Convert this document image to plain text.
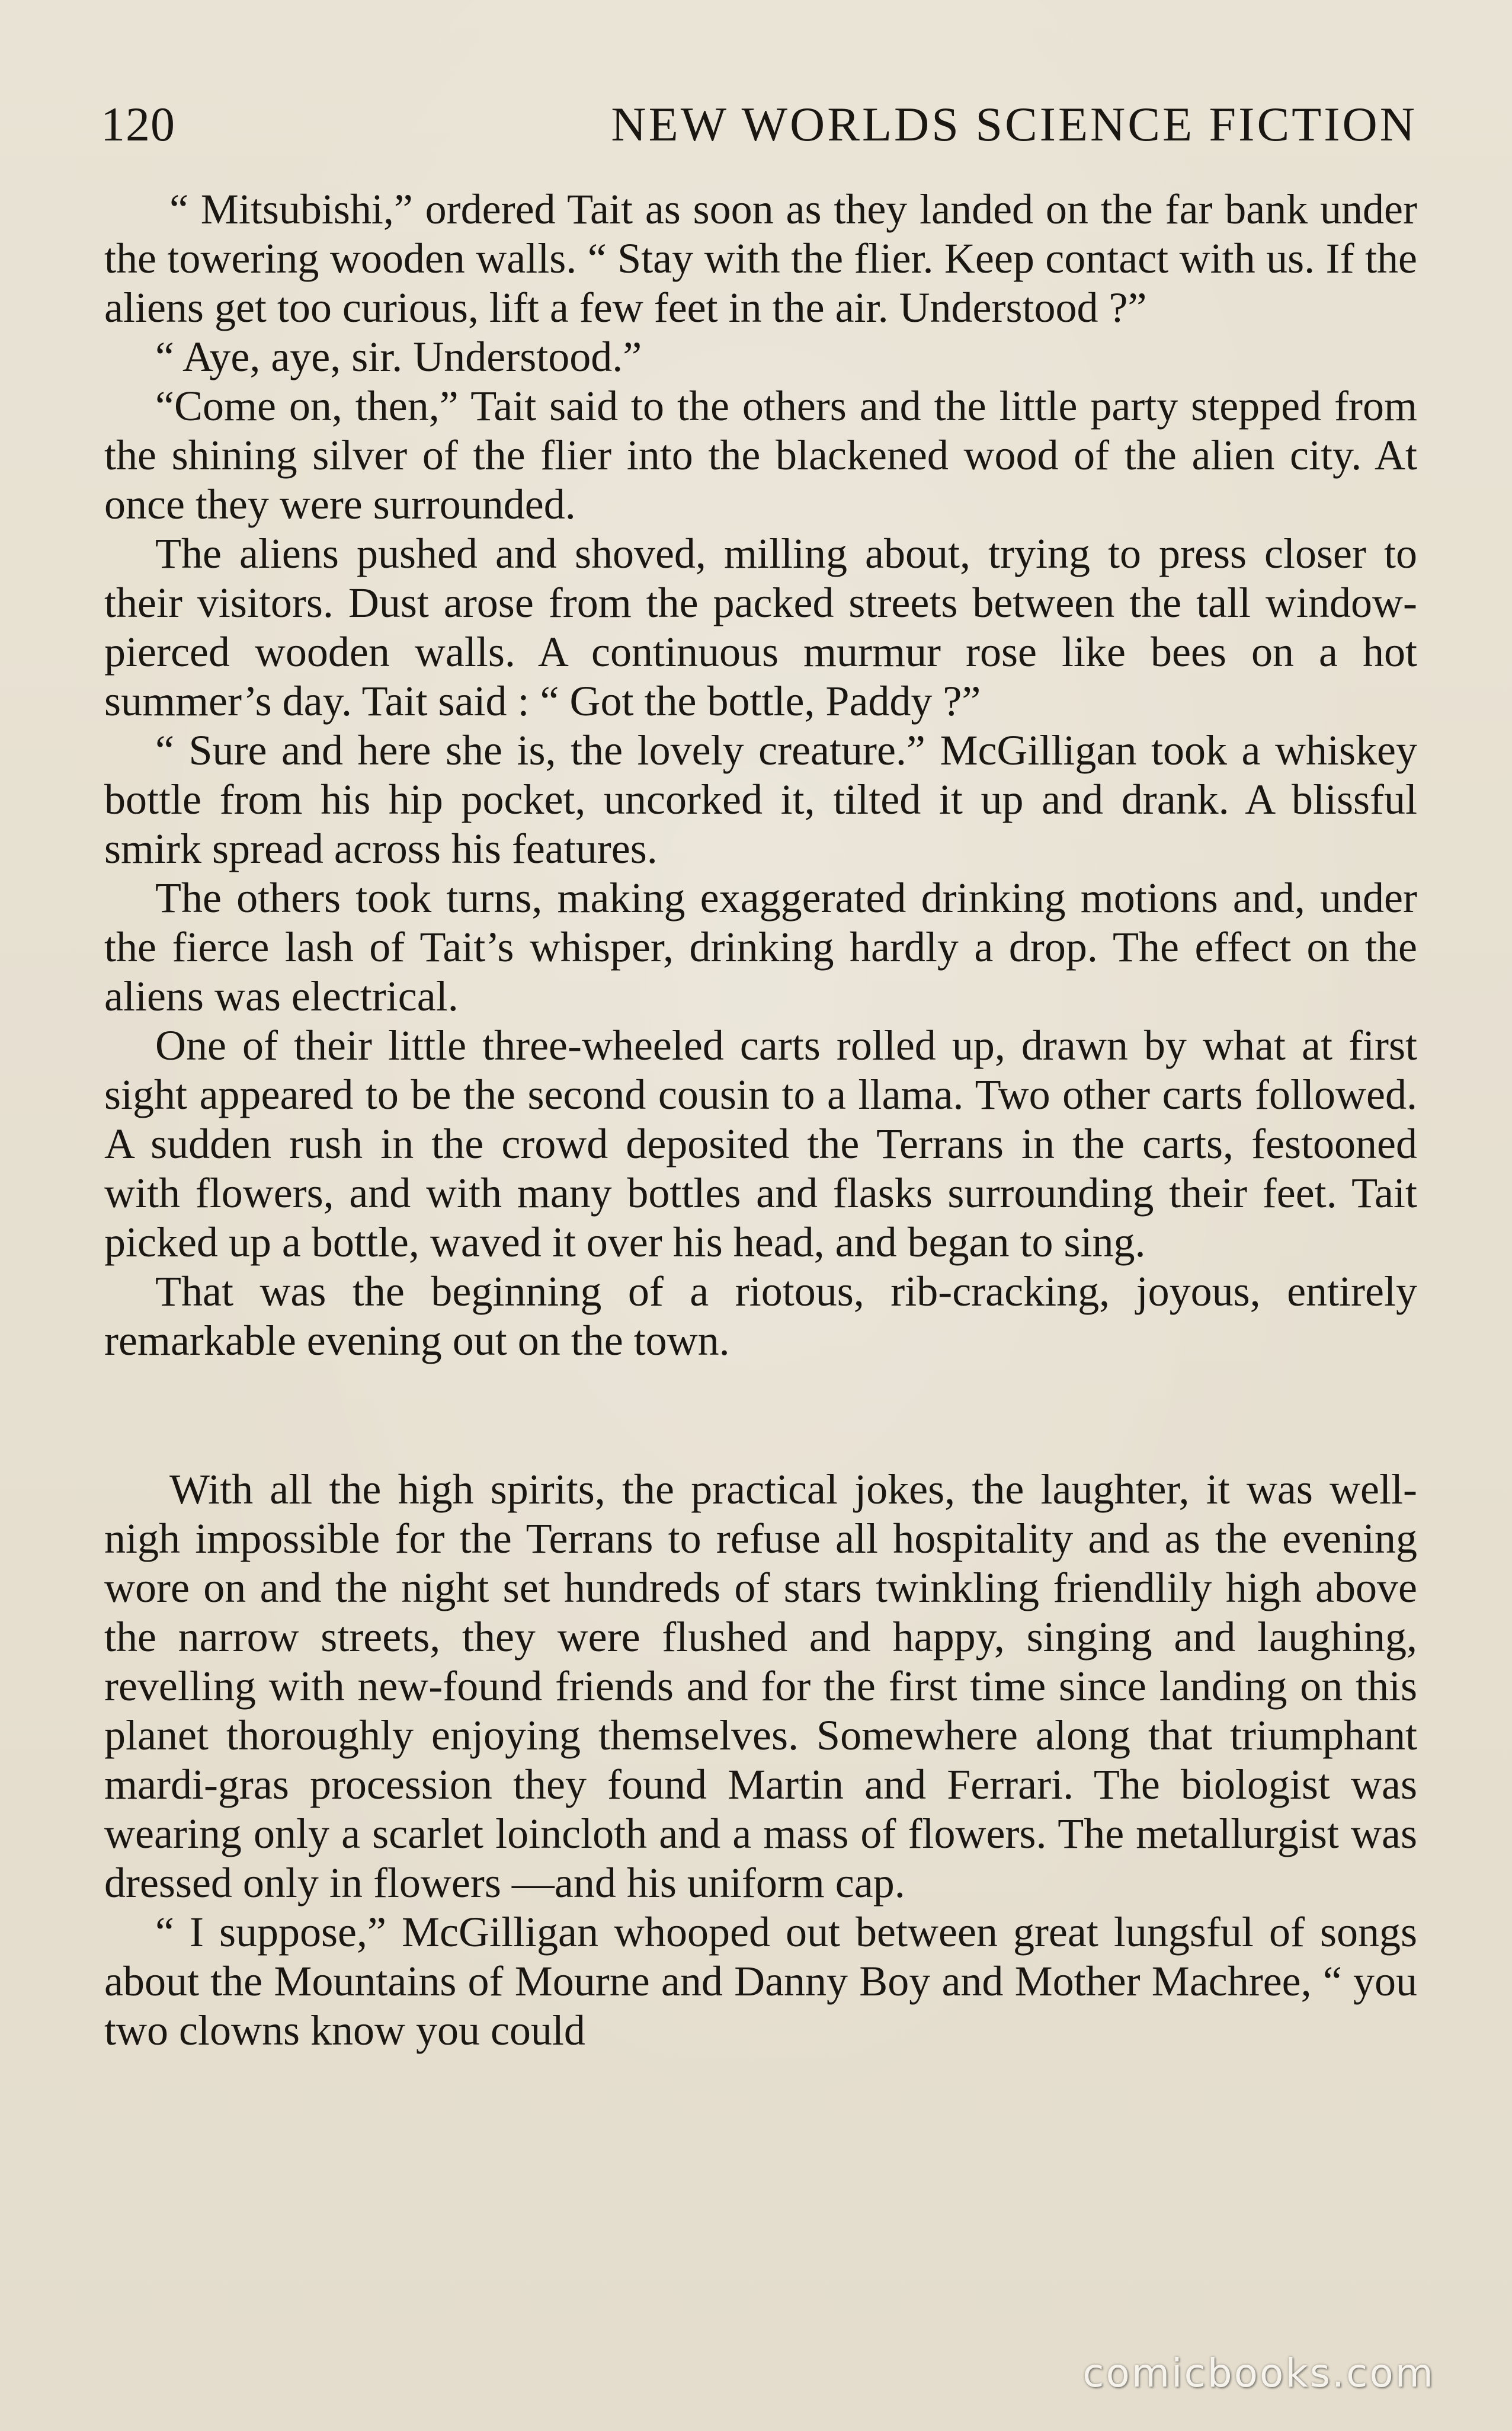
120	NEW WORLDS SCIENCE FICTION

“ Mitsubishi,” ordered Tait as soon as they landed on the far bank under the towering wooden walls. “ Stay with the flier. Keep contact with us. If the aliens get too curious, lift a few feet in the air. Understood ?”

“ Aye, aye, sir. Understood.”

“Come on, then,” Tait said to the others and the little party stepped from the shining silver of the flier into the blackened wood of the alien city. At once they were surrounded.

The aliens pushed and shoved, milling about, trying to press closer to their visitors. Dust arose from the packed streets between the tall window-pierced wooden walls. A continuous murmur rose like bees on a hot summer’s day. Tait said : “ Got the bottle, Paddy ?”

“ Sure and here she is, the lovely creature.” McGilligan took a whiskey bottle from his hip pocket, uncorked it, tilted it up and drank. A blissful smirk spread across his features.

The others took turns, making exaggerated drinking motions and, under the fierce lash of Tait’s whisper, drinking hardly a drop. The effect on the aliens was electrical.

One of their little three-wheeled carts rolled up, drawn by what at first sight appeared to be the second cousin to a llama. Two other carts followed. A sudden rush in the crowd deposited the Terrans in the carts, festooned with flowers, and with many bottles and flasks surrounding their feet. Tait picked up a bottle, waved it over his head, and began to sing.

That was the beginning of a riotous, rib-cracking, joyous, entirely remarkable evening out on the town.

With all the high spirits, the practical jokes, the laughter, it was well-nigh impossible for the Terrans to refuse all hospitality and as the evening wore on and the night set hundreds of stars twinkling friendlily high above the narrow streets, they were flushed and happy, singing and laughing, revelling with new-found friends and for the first time since landing on this planet thoroughly enjoying themselves. Somewhere along that triumphant mardi-gras procession they found Martin and Ferrari. The biologist was wearing only a scarlet loincloth and a mass of flowers. The metallurgist was dressed only in flowers —and his uniform cap.

“ I suppose,” McGilligan whooped out between great lungsful of songs about the Mountains of Mourne and Danny Boy and Mother Machree, “ you two clowns know you could

comicbooks.com
